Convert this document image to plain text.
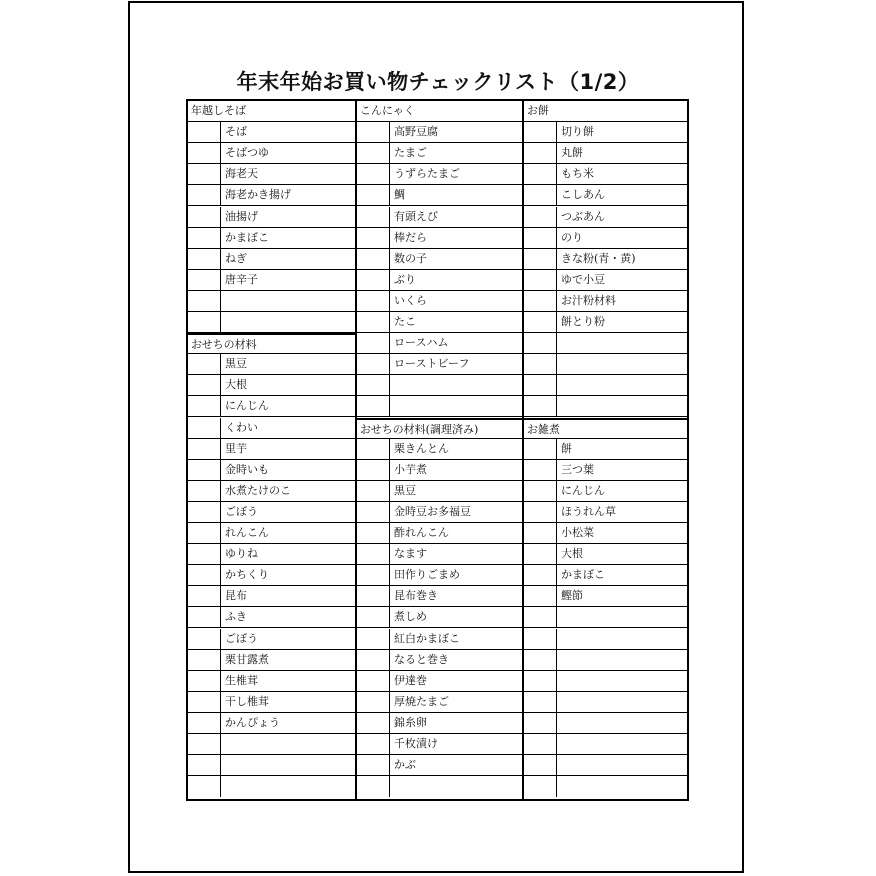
年末年始お買い物チェックリスト（1/2）
年越しそば
そば
そばつゆ
海老天
海老かき揚げ
油揚げ
かまぼこ
ねぎ
唐辛子
おせちの材料
黒豆
大根
にんじん
くわい
里芋
金時いも
水煮たけのこ
ごぼう
れんこん
ゆりね
かちくり
昆布
ふき
ごぼう
栗甘露煮
生椎茸
干し椎茸
かんぴょう
こんにゃく
高野豆腐
たまご
うずらたまご
鯛
有頭えび
棒だら
数の子
ぶり
いくら
たこ
ロースハム
ローストビーフ
おせちの材料(調理済み)
栗きんとん
小芋煮
黒豆
金時豆お多福豆
酢れんこん
なます
田作りごまめ
昆布巻き
煮しめ
紅白かまぼこ
なると巻き
伊達巻
厚焼たまご
錦糸卵
千枚漬け
かぶ
お餅
切り餅
丸餅
もち米
こしあん
つぶあん
のり
きな粉(青・黄)
ゆで小豆
お汁粉材料
餅とり粉
お雑煮
餅
三つ葉
にんじん
ほうれん草
小松菜
大根
かまぼこ
鰹節
